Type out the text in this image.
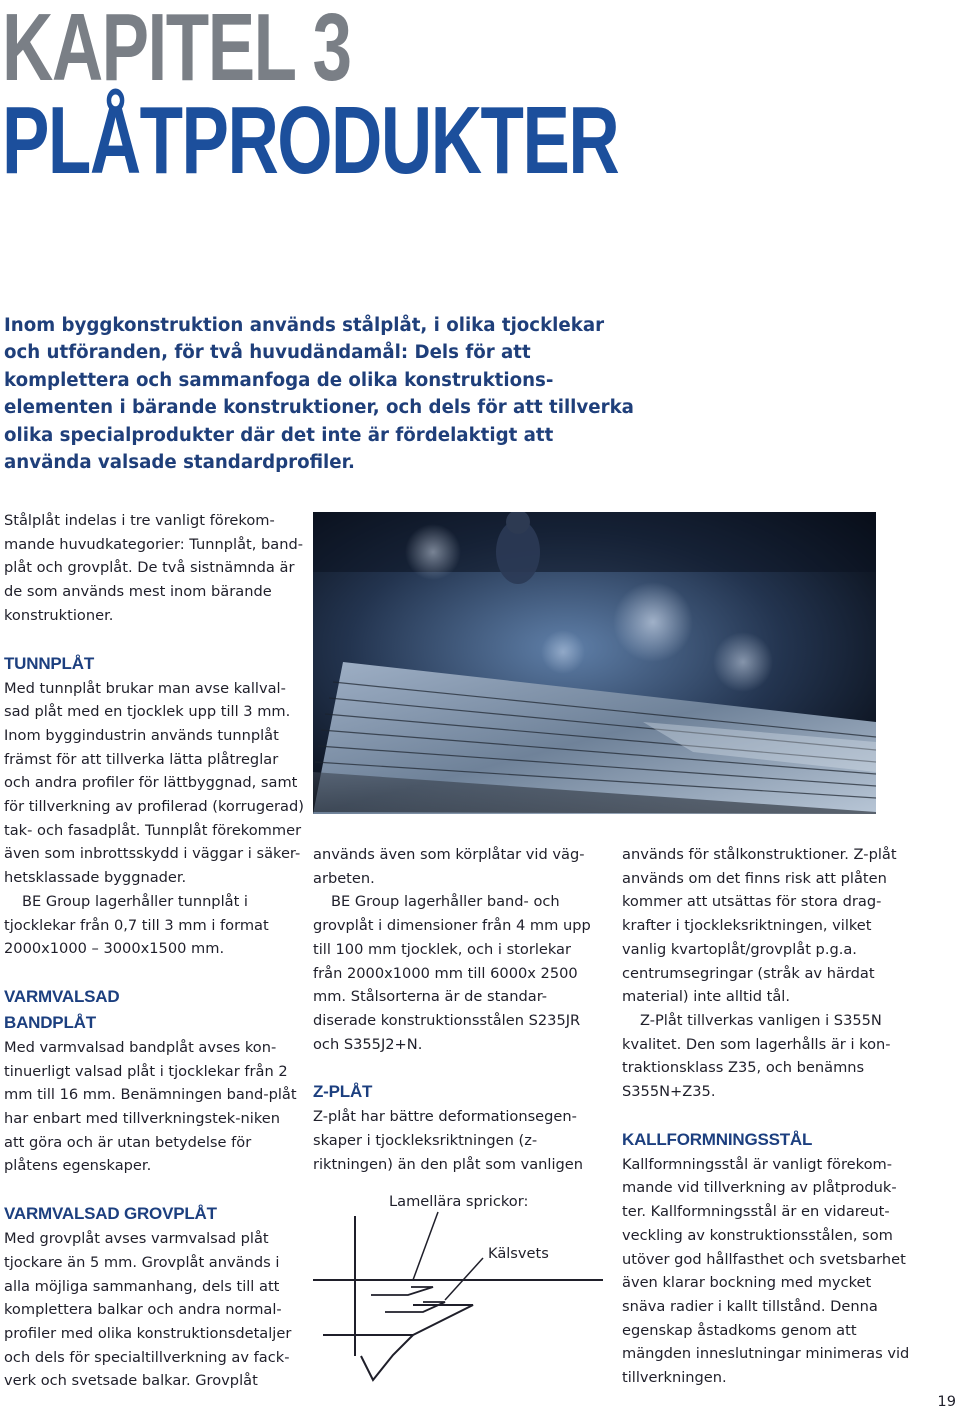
KAPITEL 3
PLÅTPRODUKTER

Inom byggkonstruktion används stålplåt, i olika tjocklekar och utföranden, för två huvudändamål: Dels för att komplettera och sammanfoga de olika konstruktions-elementen i bärande konstruktioner, och dels för att tillverka olika specialprodukter där det inte är fördelaktigt att använda valsade standardprofiler.

Stålplåt indelas i tre vanligt förekom-mande huvudkategorier: Tunnplåt, band-plåt och grovplåt. De två sistnämnda är de som används mest inom bärande konstruktioner.

TUNNPLÅT

Med tunnplåt brukar man avse kallval-sad plåt med en tjocklek upp till 3 mm. Inom byggindustrin används tunnplåt främst för att tillverka lätta plåtreglar och andra profiler för lättbyggnad, samt för tillverkning av profilerad (korrugerad) tak- och fasadplåt. Tunnplåt förekommer även som inbrottsskydd i väggar i säker-hetsklassade byggnader.

BE Group lagerhåller tunnplåt i tjocklekar från 0,7 till 3 mm i format 2000x1000 – 3000x1500 mm.

VARMVALSAD
BANDPLÅT

Med varmvalsad bandplåt avses kon-tinuerligt valsad plåt i tjocklekar från 2 mm till 16 mm. Benämningen band-plåt har enbart med tillverkningstek-niken att göra och är utan betydelse för plåtens egenskaper.

VARMVALSAD GROVPLÅT

Med grovplåt avses varmvalsad plåt tjockare än 5 mm. Grovplåt används i alla möjliga sammanhang, dels till att komplettera balkar och andra normal-profiler med olika konstruktionsdetaljer och dels för specialtillverkning av fack-verk och svetsade balkar. Grovplåt

används även som körplåtar vid väg-arbeten.

BE Group lagerhåller band- och grovplåt i dimensioner från 4 mm upp till 100 mm tjocklek, och i storlekar från 2000x1000 mm till 6000x 2500 mm. Stålsorterna är de standar-diserade konstruktionsstålen S235JR och S355J2+N.

Z-PLÅT

Z-plåt har bättre deformationsegen-skaper i tjockleksriktningen (z-riktningen) än den plåt som vanligen

Lamellära sprickor:
Kälsvets

används för stålkonstruktioner. Z-plåt används om det finns risk att plåten kommer att utsättas för stora drag-krafter i tjockleksriktningen, vilket vanlig kvartoplåt/grovplåt p.g.a. centrumsegringar (stråk av härdat material) inte alltid tål.

Z-Plåt tillverkas vanligen i S355N kvalitet. Den som lagerhålls är i kon-traktionsklass Z35, och benämns S355N+Z35.

KALLFORMNINGSSTÅL

Kallformningsstål är vanligt förekom-mande vid tillverkning av plåtproduk-ter. Kallformningsstål är en vidareut-veckling av konstruktionsstålen, som utöver god hållfasthet och svetsbarhet även klarar bockning med mycket snäva radier i kallt tillstånd. Denna egenskap åstadkoms genom att mängden inneslutningar minimeras vid tillverkningen.

19
